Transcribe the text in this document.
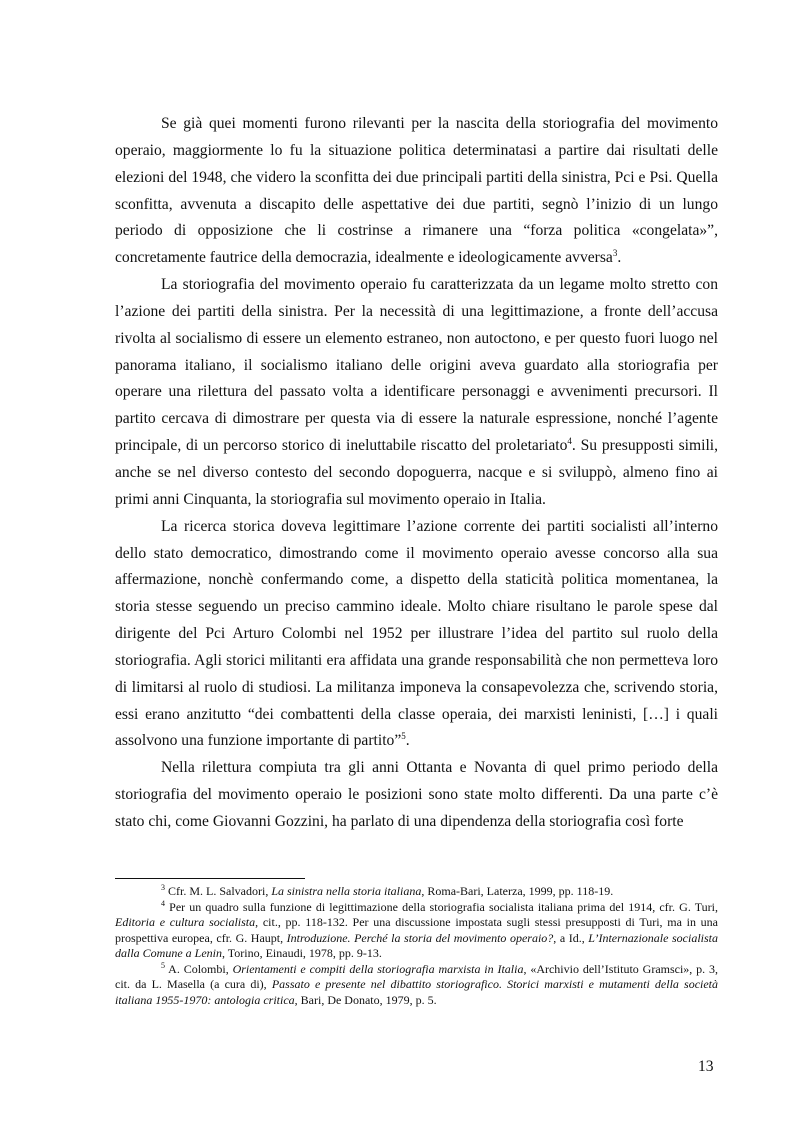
Se già quei momenti furono rilevanti per la nascita della storiografia del movimento operaio, maggiormente lo fu la situazione politica determinatasi a partire dai risultati delle elezioni del 1948, che videro la sconfitta dei due principali partiti della sinistra, Pci e Psi. Quella sconfitta, avvenuta a discapito delle aspettative dei due partiti, segnò l’inizio di un lungo periodo di opposizione che li costrinse a rimanere una “forza politica «congelata»”, concretamente fautrice della democrazia, idealmente e ideologicamente avversa$^3$.

La storiografia del movimento operaio fu caratterizzata da un legame molto stretto con l’azione dei partiti della sinistra. Per la necessità di una legittimazione, a fronte dell’accusa rivolta al socialismo di essere un elemento estraneo, non autoctono, e per questo fuori luogo nel panorama italiano, il socialismo italiano delle origini aveva guardato alla storiografia per operare una rilettura del passato volta a identificare personaggi e avvenimenti precursori. Il partito cercava di dimostrare per questa via di essere la naturale espressione, nonché l’agente principale, di un percorso storico di ineluttabile riscatto del proletariato$^4$. Su presupposti simili, anche se nel diverso contesto del secondo dopoguerra, nacque e si sviluppò, almeno fino ai primi anni Cinquanta, la storiografia sul movimento operaio in Italia.

La ricerca storica doveva legittimare l’azione corrente dei partiti socialisti all’interno dello stato democratico, dimostrando come il movimento operaio avesse concorso alla sua affermazione, nonchè confermando come, a dispetto della staticità politica momentanea, la storia stesse seguendo un preciso cammino ideale. Molto chiare risultano le parole spese dal dirigente del Pci Arturo Colombi nel 1952 per illustrare l’idea del partito sul ruolo della storiografia. Agli storici militanti era affidata una grande responsabilità che non permetteva loro di limitarsi al ruolo di studiosi. La militanza imponeva la consapevolezza che, scrivendo storia, essi erano anzitutto “dei combattenti della classe operaia, dei marxisti leninisti, […] i quali assolvono una funzione importante di partito”$^5$.

Nella rilettura compiuta tra gli anni Ottanta e Novanta di quel primo periodo della storiografia del movimento operaio le posizioni sono state molto differenti. Da una parte c’è stato chi, come Giovanni Gozzini, ha parlato di una dipendenza della storiografia così forte

$^3$ Cfr. M. L. Salvadori, La sinistra nella storia italiana, Roma-Bari, Laterza, 1999, pp. 118-19.

$^4$ Per un quadro sulla funzione di legittimazione della storiografia socialista italiana prima del 1914, cfr. G. Turi, Editoria e cultura socialista, cit., pp. 118-132. Per una discussione impostata sugli stessi presupposti di Turi, ma in una prospettiva europea, cfr. G. Haupt, Introduzione. Perché la storia del movimento operaio?, a Id., L’Internazionale socialista dalla Comune a Lenin, Torino, Einaudi, 1978, pp. 9-13.

$^5$ A. Colombi, Orientamenti e compiti della storiografia marxista in Italia, «Archivio dell’Istituto Gramsci», p. 3, cit. da L. Masella (a cura di), Passato e presente nel dibattito storiografico. Storici marxisti e mutamenti della società italiana 1955-1970: antologia critica, Bari, De Donato, 1979, p. 5.

13
